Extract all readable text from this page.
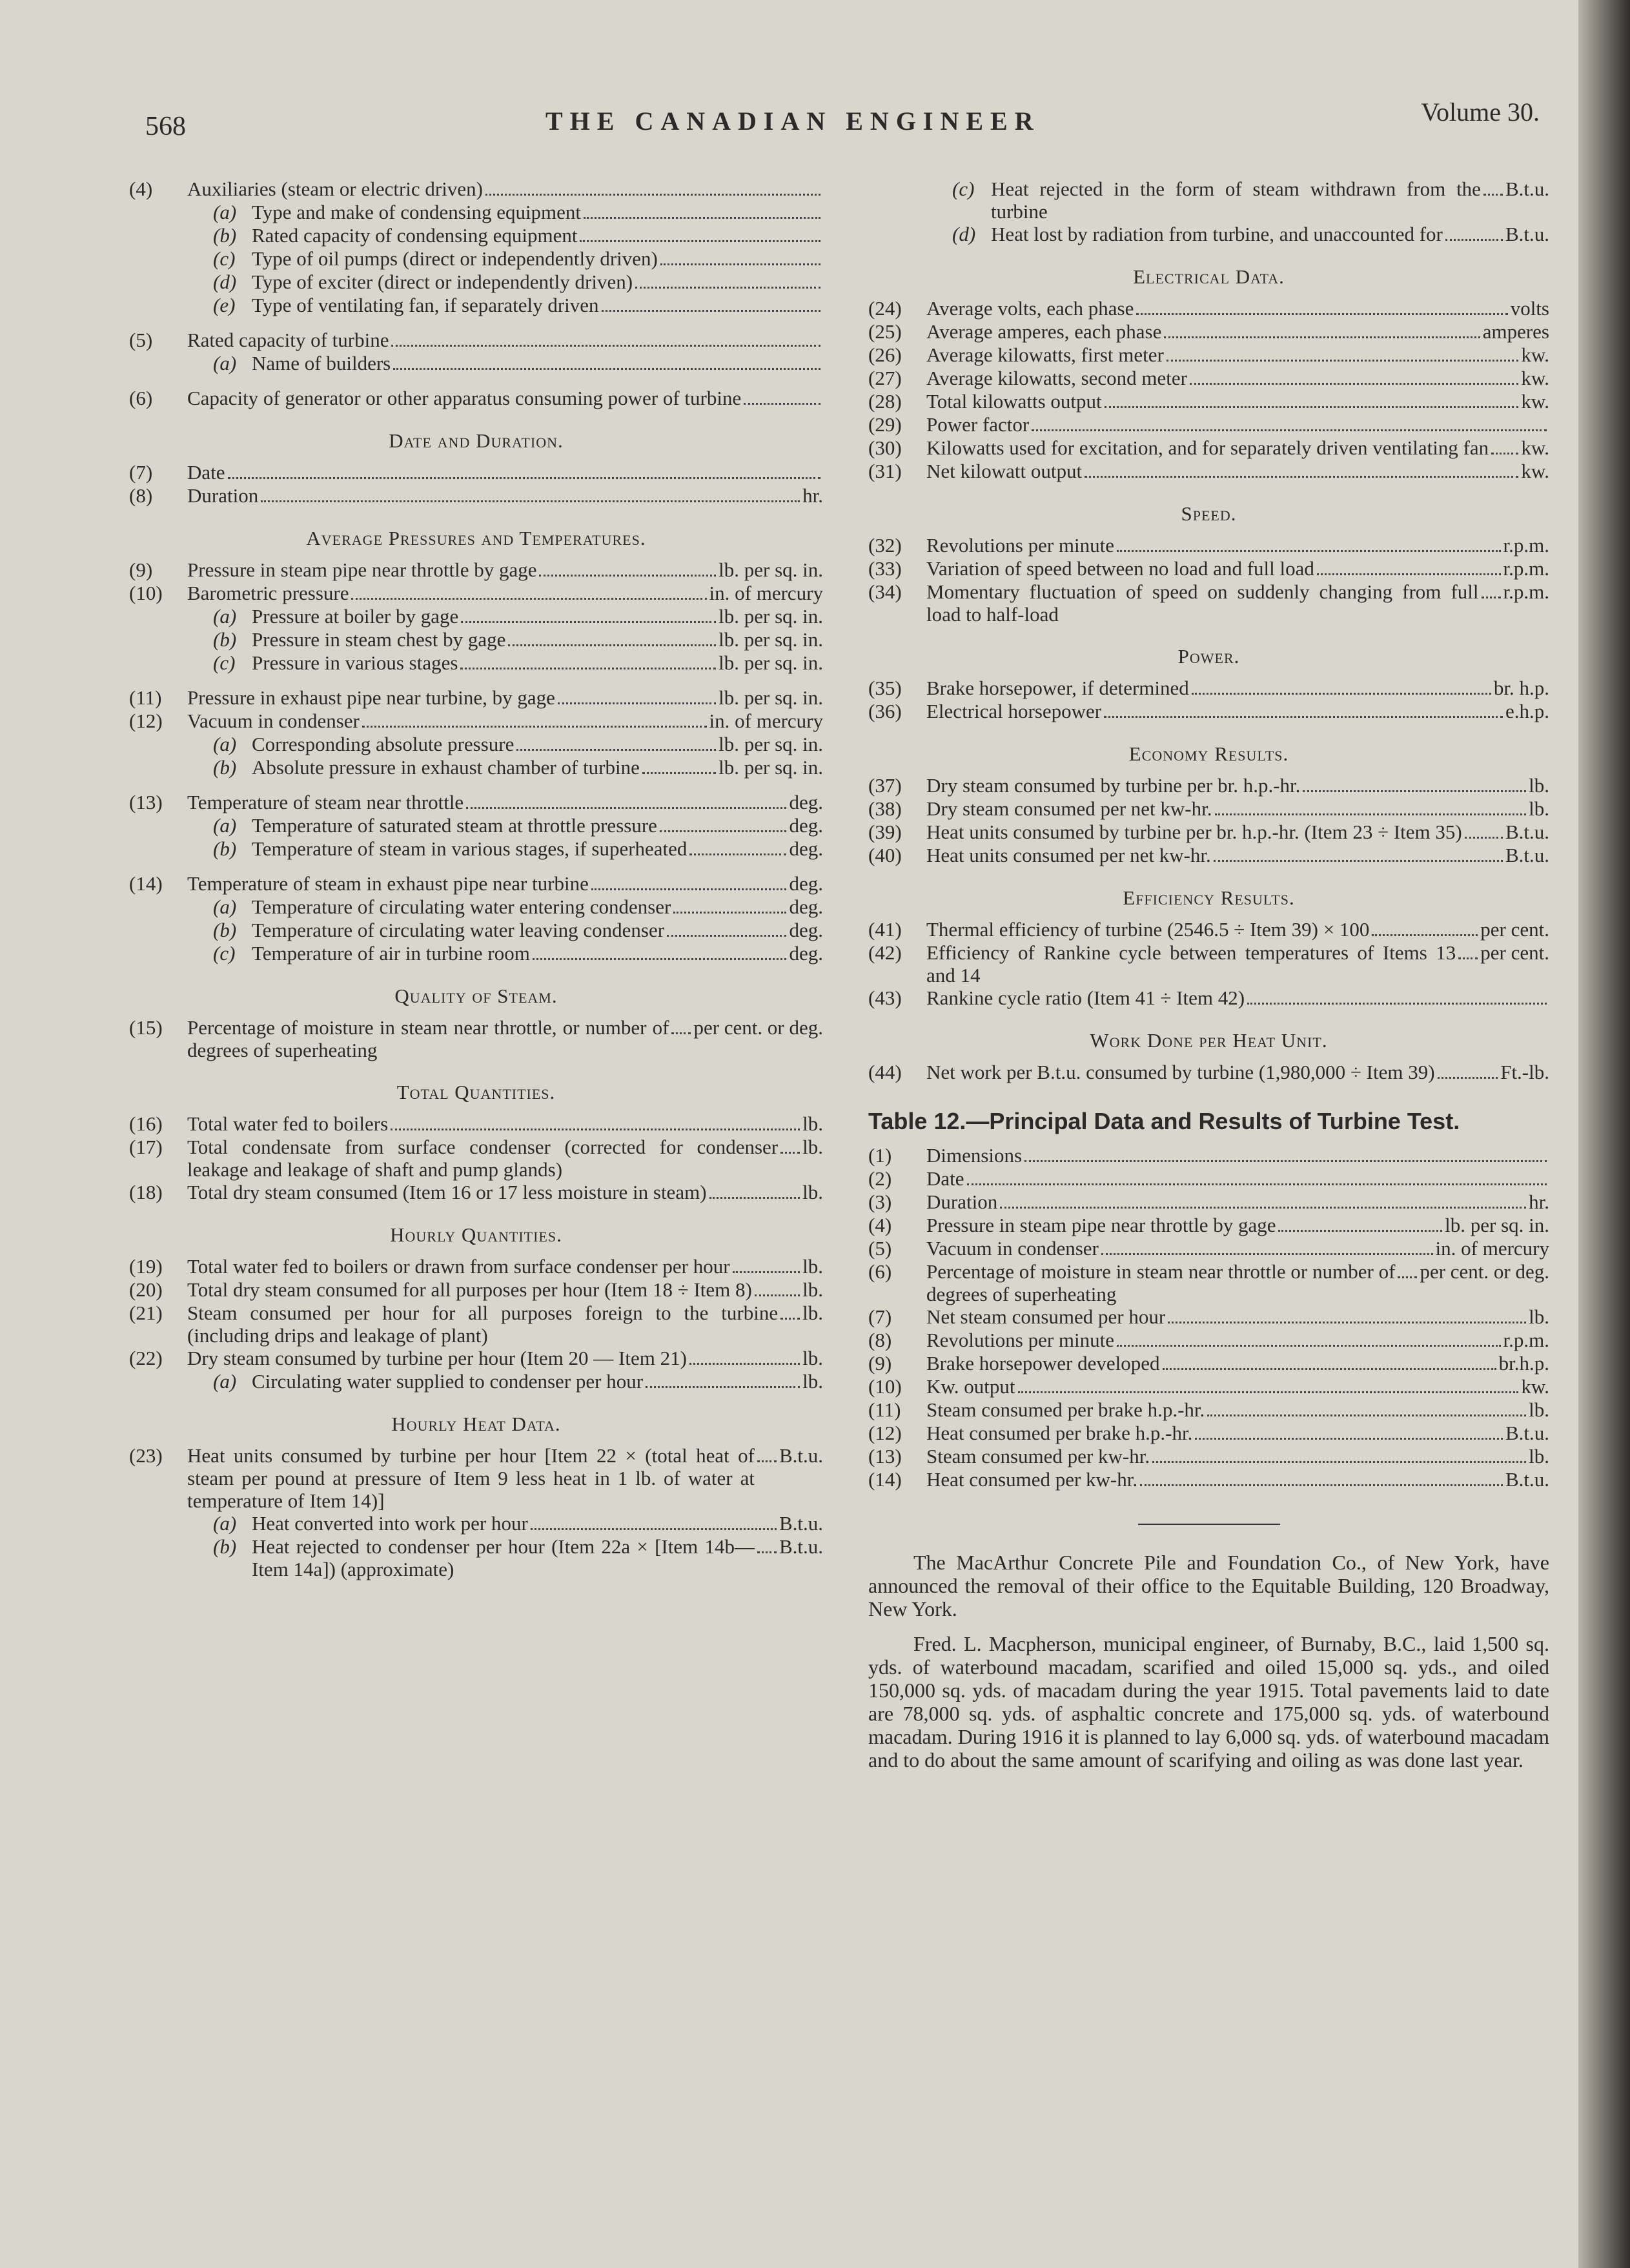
568	THE CANADIAN ENGINEER	Volume 30.
(4)	Auxiliaries (steam or electric driven)
(a) Type and make of condensing equipment
(b) Rated capacity of condensing equipment
(c) Type of oil pumps (direct or independently driven)
(d) Type of exciter (direct or independently driven)
(e) Type of ventilating fan, if separately driven
(5)	Rated capacity of turbine
(a) Name of builders
(6)	Capacity of generator or other apparatus consuming power of turbine
Date and Duration.
(7)	Date
(8)	Duration	hr.
Average Pressures and Temperatures.
(9)	Pressure in steam pipe near throttle by gage	lb. per sq. in.
(10)	Barometric pressure	in. of mercury
(a) Pressure at boiler by gage	lb. per sq. in.
(b) Pressure in steam chest by gage	lb. per sq. in.
(c) Pressure in various stages	lb. per sq. in.
(11)	Pressure in exhaust pipe near turbine, by gage	lb. per sq. in.
(12)	Vacuum in condenser	in. of mercury
(a) Corresponding absolute pressure	lb. per sq. in.
(b) Absolute pressure in exhaust chamber of turbine	lb. per sq. in.
(13)	Temperature of steam near throttle	deg.
(a) Temperature of saturated steam at throttle pressure	deg.
(b) Temperature of steam in various stages, if superheated	deg.
(14)	Temperature of steam in exhaust pipe near turbine	deg.
(a) Temperature of circulating water entering condenser	deg.
(b) Temperature of circulating water leaving condenser	deg.
(c) Temperature of air in turbine room	deg.
Quality of Steam.
(15)	Percentage of moisture in steam near throttle, or number of degrees of superheating
per cent. or deg.
Total Quantities.
(16)	Total water fed to boilers	lb.
(17)	Total condensate from surface condenser (corrected for condenser leakage and leakage of shaft and pump glands)
lb.
(18)	Total dry steam consumed (Item 16 or 17 less moisture in steam)	lb.
Hourly Quantities.
(19)	Total water fed to boilers or drawn from surface condenser per hour	lb.
(20)	Total dry steam consumed for all purposes per hour (Item 18 ÷ Item 8)	lb.
(21)	Steam consumed per hour for all purposes foreign to the turbine (including drips and leakage of plant)
lb.
(22)	Dry steam consumed by turbine per hour (Item 20 — Item 21)	lb.
(a) Circulating water supplied to condenser per hour	lb.
Hourly Heat Data.
(23)	Heat units consumed by turbine per hour [Item 22 × (total heat of steam per pound at pressure of Item 9 less heat in 1 lb. of water at temperature of Item 14)]
B.t.u.
(a) Heat converted into work per hour	B.t.u.
(b) Heat rejected to condenser per hour (Item 22a × [Item 14b—Item 14a]) (approximate)
B.t.u.
(c) Heat rejected in the form of steam withdrawn from the turbine
B.t.u.
(d) Heat lost by radiation from turbine, and unaccounted for	B.t.u.
Electrical Data.
(24)	Average volts, each phase	volts
(25)	Average amperes, each phase	amperes
(26)	Average kilowatts, first meter	kw.
(27)	Average kilowatts, second meter	kw.
(28)	Total kilowatts output	kw.
(29)	Power factor
(30)	Kilowatts used for excitation, and for separately driven ventilating fan kw.
(31)	Net kilowatt output	kw.
Speed.
(32)	Revolutions per minute	r.p.m.
(33)	Variation of speed between no load and full load	r.p.m.
(34)	Momentary fluctuation of speed on suddenly changing from full load to half-load
r.p.m.
Power.
(35)	Brake horsepower, if determined	br. h.p.
(36)	Electrical horsepower	e.h.p.
Economy Results.
(37)	Dry steam consumed by turbine per br. h.p.-hr.	lb.
(38)	Dry steam consumed per net kw-hr.	lb.
(39)	Heat units consumed by turbine per br. h.p.-hr. (Item 23 ÷ Item 35) B.t.u.
(40)	Heat units consumed per net kw-hr.	B.t.u.
Efficiency Results.
(41)	Thermal efficiency of turbine (2546.5 ÷ Item 39) × 100	per cent.
(42)	Efficiency of Rankine cycle between temperatures of Items 13 and 14
per cent.
(43)	Rankine cycle ratio (Item 41 ÷ Item 42)
Work Done per Heat Unit.
(44)	Net work per B.t.u. consumed by turbine (1,980,000 ÷ Item 39)	Ft.-lb.
Table 12.—Principal Data and Results of Turbine Test.
(1)	Dimensions
(2)	Date
(3)	Duration	hr.
(4)	Pressure in steam pipe near throttle by gage	lb. per sq. in.
(5)	Vacuum in condenser	in. of mercury
(6)	Percentage of moisture in steam near throttle or number of degrees of superheating
per cent. or deg.
(7)	Net steam consumed per hour	lb.
(8)	Revolutions per minute	r.p.m.
(9)	Brake horsepower developed	br.h.p.
(10)	Kw. output	kw.
(11)	Steam consumed per brake h.p.-hr.	lb.
(12)	Heat consumed per brake h.p.-hr.	B.t.u.
(13)	Steam consumed per kw-hr.	lb.
(14)	Heat consumed per kw-hr.	B.t.u.

The MacArthur Concrete Pile and Foundation Co., of New York, have announced the removal of their office to the Equitable Building, 120 Broadway, New York.

Fred. L. Macpherson, municipal engineer, of Burnaby, B.C., laid 1,500 sq. yds. of waterbound macadam, scarified and oiled 15,000 sq. yds., and oiled 150,000 sq. yds. of macadam during the year 1915. Total pavements laid to date are 78,000 sq. yds. of asphaltic concrete and 175,000 sq. yds. of waterbound macadam. During 1916 it is planned to lay 6,000 sq. yds. of waterbound macadam and to do about the same amount of scarifying and oiling as was done last year.
